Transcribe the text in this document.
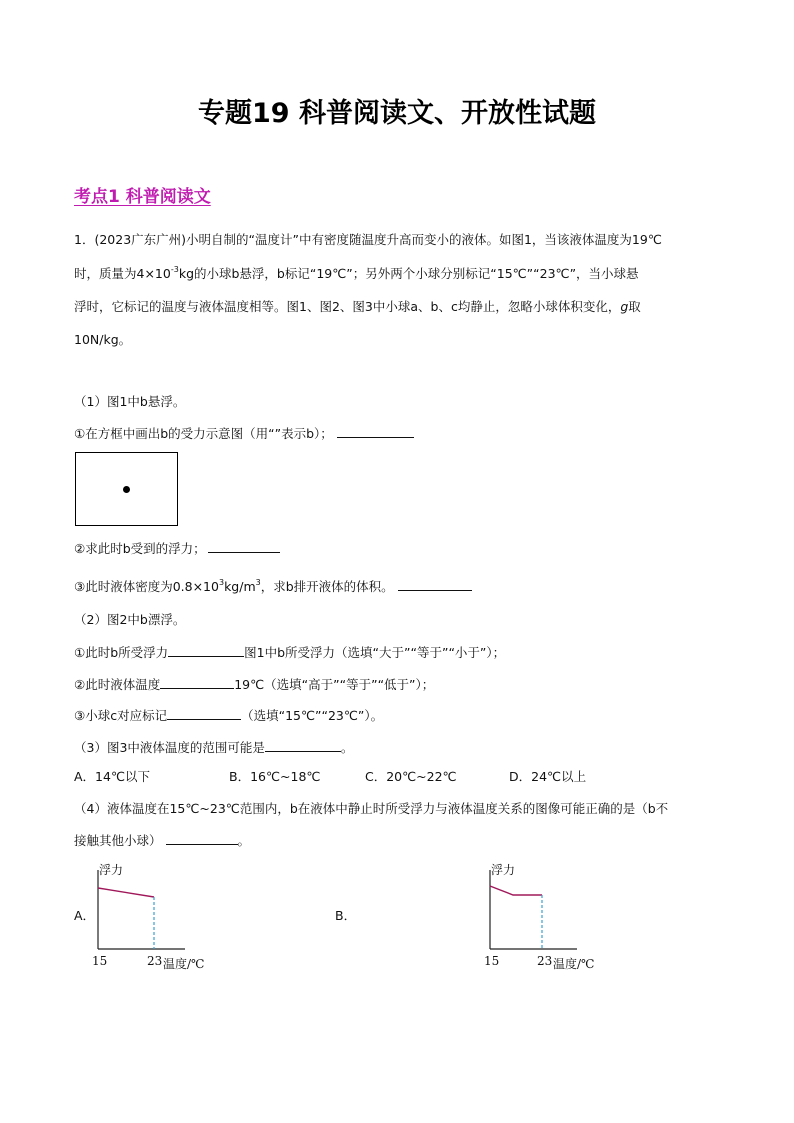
专题19 科普阅读文、开放性试题
考点1 科普阅读文
1．(2023广东广州)小明自制的“温度计”中有密度随温度升高而变小的液体。如图1，当该液体温度为19℃
时，质量为$4\times 10^{-3}kg$的小球b悬浮，b标记“19℃”；另外两个小球分别标记“15℃”“23℃”，当小球悬
浮时，它标记的温度与液体温度相等。图1、图2、图3中小球a、b、c均静止，忽略小球体积变化，g取
10N/kg。
（1）图1中b悬浮。
①在方框中画出b的受力示意图（用“”表示b）；
②求此时b受到的浮力；
③此时液体密度为$0.8\times 10^3kg/m^3$，求b排开液体的体积。
（2）图2中b漂浮。
①此时b所受浮力	图1中b所受浮力（选填“大于”“等于”“小于”）；
②此时液体温度	19℃（选填“高于”“等于”“低于”）；
③小球c对应标记	（选填“15℃”“23℃”）。
（3）图3中液体温度的范围可能是	。
A．14℃以下	B．16℃~18℃	C．20℃~22℃	D．24℃以上
（4）液体温度在15℃~23℃范围内，b在液体中静止时所受浮力与液体温度关系的图像可能正确的是（b不
接触其他小球）	。
A．	B．
浮力
15	23 温度/℃
浮力
15	23 温度/℃
